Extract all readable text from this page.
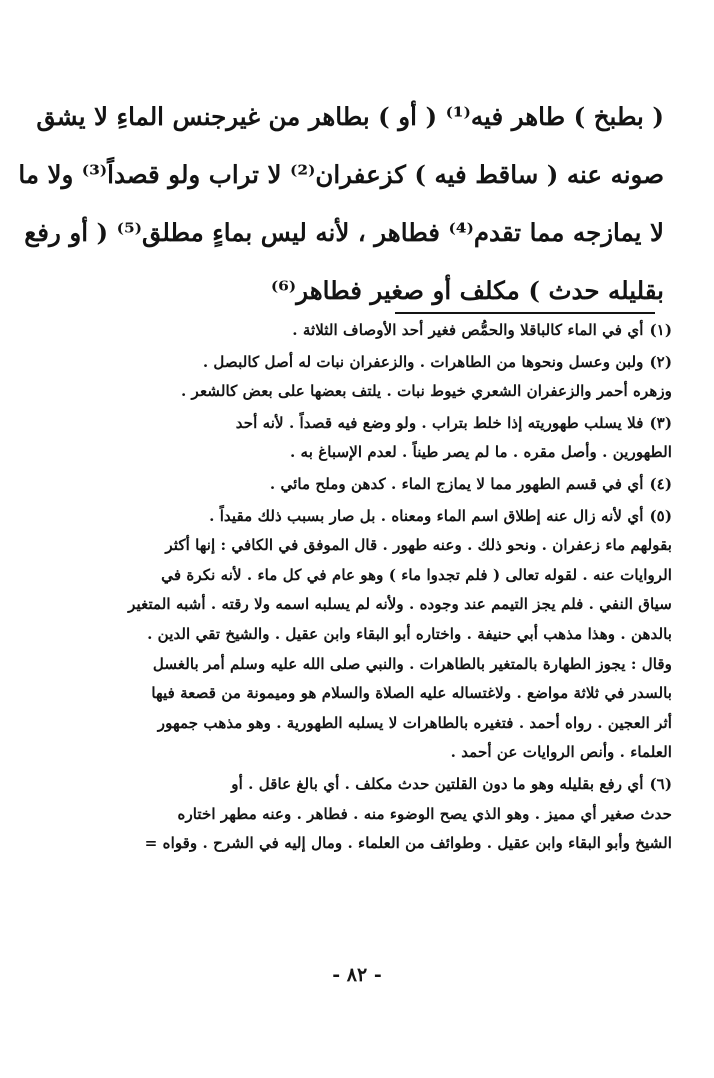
( بطبخ ) طاهر فيه⁽¹⁾ ( أو ) بطاهر من غيرجنس الماءِ لا يشق
صونه عنه ( ساقط فيه ) كزعفران⁽²⁾ لا تراب ولو قصداً⁽³⁾ ولا ما
لا يمازجه مما تقدم⁽⁴⁾ فطاهر ، لأنه ليس بماءٍ مطلق⁽⁵⁾ ( أو رفع
بقليله حدث ) مكلف أو صغير فطاهر⁽⁶⁾
(١)أي في الماء كالباقلا والحمُّص فغير أحد الأوصاف الثلاثة .
(٢)ولبن وعسل ونحوها من الطاهرات . والزعفران نبات له أصل كالبصل .
وزهره أحمر والزعفران الشعري خيوط نبات . يلتف بعضها على بعض كالشعر .
(٣)فلا يسلب طهوريته إذا خلط بتراب . ولو وضع فيه قصداً . لأنه أحد
الطهورين . وأصل مقره . ما لم يصر طيناً . لعدم الإسباغ به .
(٤)أي في قسم الطهور مما لا يمازج الماء . كدهن وملح مائي .
(٥)أي لأنه زال عنه إطلاق اسم الماء ومعناه . بل صار بسبب ذلك مقيداً .
بقولهم ماء زعفران . ونحو ذلك . وعنه طهور . قال الموفق في الكافي : إنها أكثر
الروايات عنه . لقوله تعالى ( فلم تجدوا ماء ) وهو عام في كل ماء . لأنه نكرة في
سياق النفي . فلم يجز التيمم عند وجوده . ولأنه لم يسلبه اسمه ولا رقته . أشبه المتغير
بالدهن . وهذا مذهب أبي حنيفة . واختاره أبو البقاء وابن عقيل . والشيخ تقي الدين .
وقال : يجوز الطهارة بالمتغير بالطاهرات . والنبي صلى الله عليه وسلم أمر بالغسل
بالسدر في ثلاثة مواضع . ولاغتساله عليه الصلاة والسلام هو وميمونة من قصعة فيها
أثر العجين . رواه أحمد . فتغيره بالطاهرات لا يسلبه الطهورية . وهو مذهب جمهور
العلماء . وأنص الروايات عن أحمد .
(٦)أي رفع بقليله وهو ما دون القلتين حدث مكلف . أي بالغ عاقل . أو
حدث صغير أي مميز . وهو الذي يصح الوضوء منه . فطاهر . وعنه مطهر اختاره
الشيخ وأبو البقاء وابن عقيل . وطوائف من العلماء . ومال إليه في الشرح . وقواه =
- ٨٢ -
